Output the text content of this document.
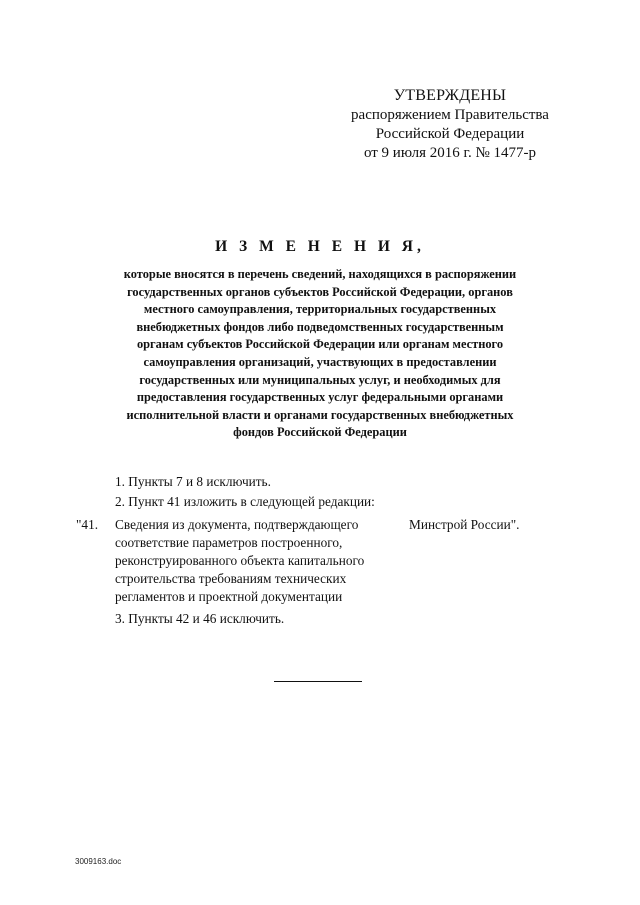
УТВЕРЖДЕНЫ
распоряжением Правительства
Российской Федерации
от 9 июля 2016 г. № 1477-р
И З М Е Н Е Н И Я,
которые вносятся в перечень сведений, находящихся в распоряжении
государственных органов субъектов Российской Федерации, органов
местного самоуправления, территориальных государственных
внебюджетных фондов либо подведомственных государственным
органам субъектов Российской Федерации или органам местного
самоуправления организаций, участвующих в предоставлении
государственных или муниципальных услуг, и необходимых для
предоставления государственных услуг федеральными органами
исполнительной власти и органами государственных внебюджетных
фондов Российской Федерации
1. Пункты 7 и 8 исключить.
2. Пункт 41 изложить в следующей редакции:
3. Пункты 42 и 46 исключить.
"41. Сведения из документа, подтверждающего
соответствие параметров построенного,
реконструированного объекта капитального
строительства требованиям технических
регламентов и проектной документации
Минстрой России".
3009163.doc
